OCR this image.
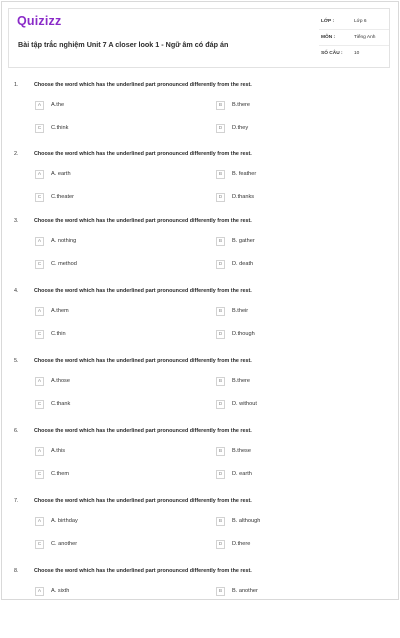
Quizizz
Bài tập trắc nghiệm Unit 7 A closer look 1 - Ngữ âm có đáp án
LỚP :	Lớp 6
MÔN :	Tiếng Anh
SỐ CÂU : 10
1.	Choose the word which has the underlined part pronounced differently from the rest.
A	A.the	B	B.there
C	C.think	D	D.they
2.	Choose the word which has the underlined part pronounced differently from the rest.
A	A. earth	B	B. feather
C	C.theater	D	D.thanks
3.	Choose the word which has the underlined part pronounced differently from the rest.
A	A. nothing	B	B. gather
C	C. method	D	D. death
4.	Choose the word which has the underlined part pronounced differently from the rest.
A	A.them	B	B.their
C	C.thin	D	D.though
5.	Choose the word which has the underlined part pronounced differently from the rest.
A	A.those	B	B.there
C	C.thank	D	D. without
6.	Choose the word which has the underlined part pronounced differently from the rest.
A	A.this	B	B.these
C	C.them	D	D. earth
7.	Choose the word which has the underlined part pronounced differently from the rest.
A	A. birthday	B	B. although
C	C. another	D	D.there
8.	Choose the word which has the underlined part pronounced differently from the rest.
A	A. sixth	B	B. another
